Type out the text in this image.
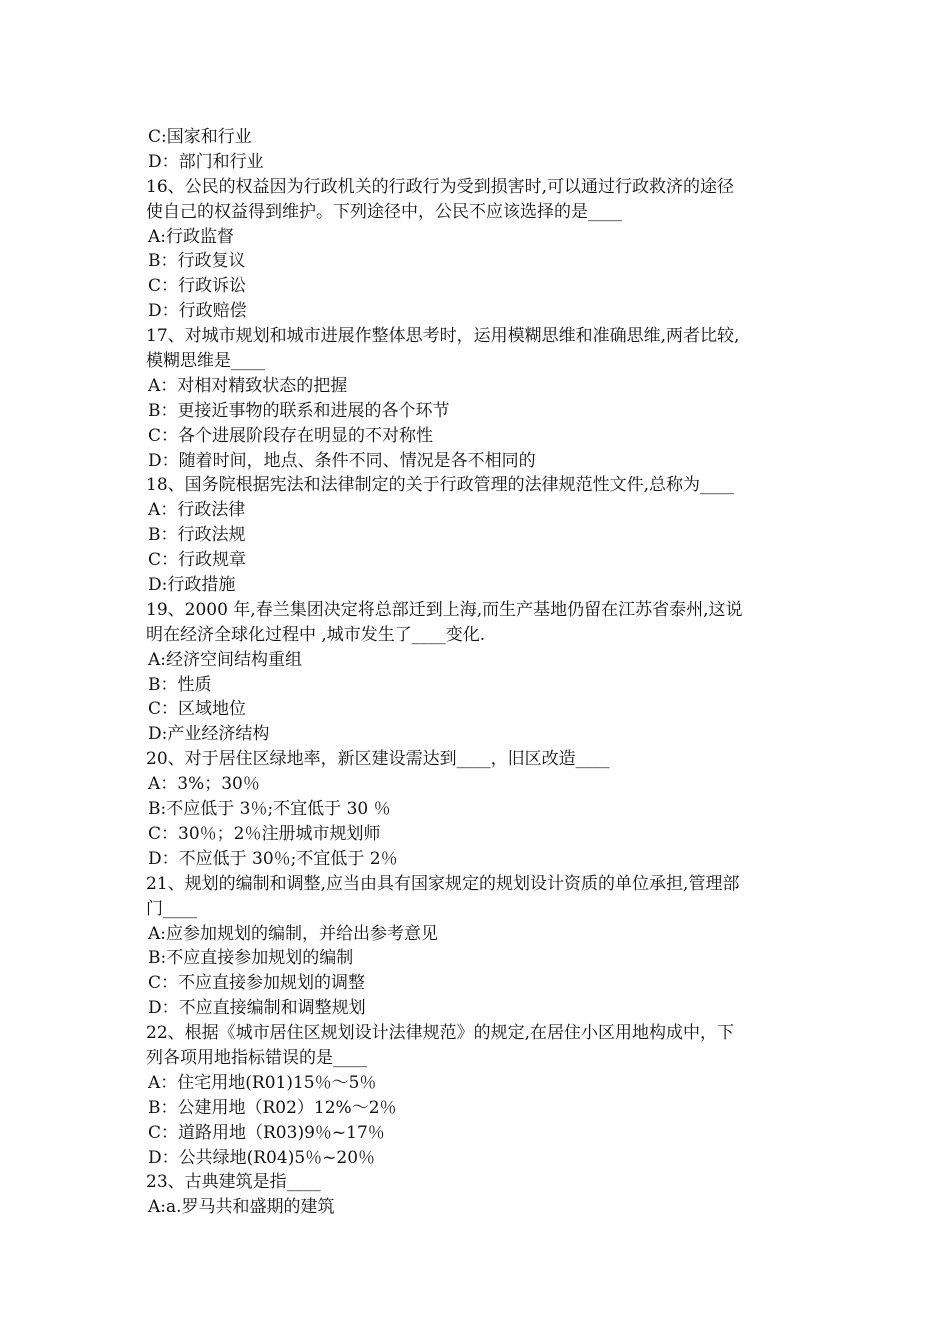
C:国家和行业
D：部门和行业
16、公民的权益因为行政机关的行政行为受到损害时,可以通过行政救济的途径
使自己的权益得到维护。下列途径中，公民不应该选择的是____
A:行政监督
B：行政复议
C：行政诉讼
D：行政赔偿
17、对城市规划和城市进展作整体思考时，运用模糊思维和准确思维,两者比较,
模糊思维是____
A：对相对精致状态的把握
B：更接近事物的联系和进展的各个环节
C：各个进展阶段存在明显的不对称性
D：随着时间，地点、条件不同、情况是各不相同的
18、国务院根据宪法和法律制定的关于行政管理的法律规范性文件,总称为____
A：行政法律
B：行政法规
C：行政规章
D:行政措施
19、2000 年,春兰集团决定将总部迁到上海,而生产基地仍留在江苏省泰州,这说
明在经济全球化过程中 ,城市发生了____变化.
A:经济空间结构重组
B：性质
C：区域地位
D:产业经济结构
20、对于居住区绿地率，新区建设需达到____，旧区改造____
A：3%；30％
B:不应低于 3％;不宜低于 30 ％
C：30％；2％注册城市规划师
D：不应低于 30％;不宜低于 2％
21、规划的编制和调整,应当由具有国家规定的规划设计资质的单位承担,管理部
门____
A:应参加规划的编制，并给出参考意见
B:不应直接参加规划的编制
C：不应直接参加规划的调整
D：不应直接编制和调整规划
22、根据《城市居住区规划设计法律规范》的规定,在居住小区用地构成中，下
列各项用地指标错误的是____
A：住宅用地(R01)15％～5％
B：公建用地（R02）12%～2％
C：道路用地（R03)9％~17％
D：公共绿地(R04)5％~20％
23、古典建筑是指____
A:a.罗马共和盛期的建筑
